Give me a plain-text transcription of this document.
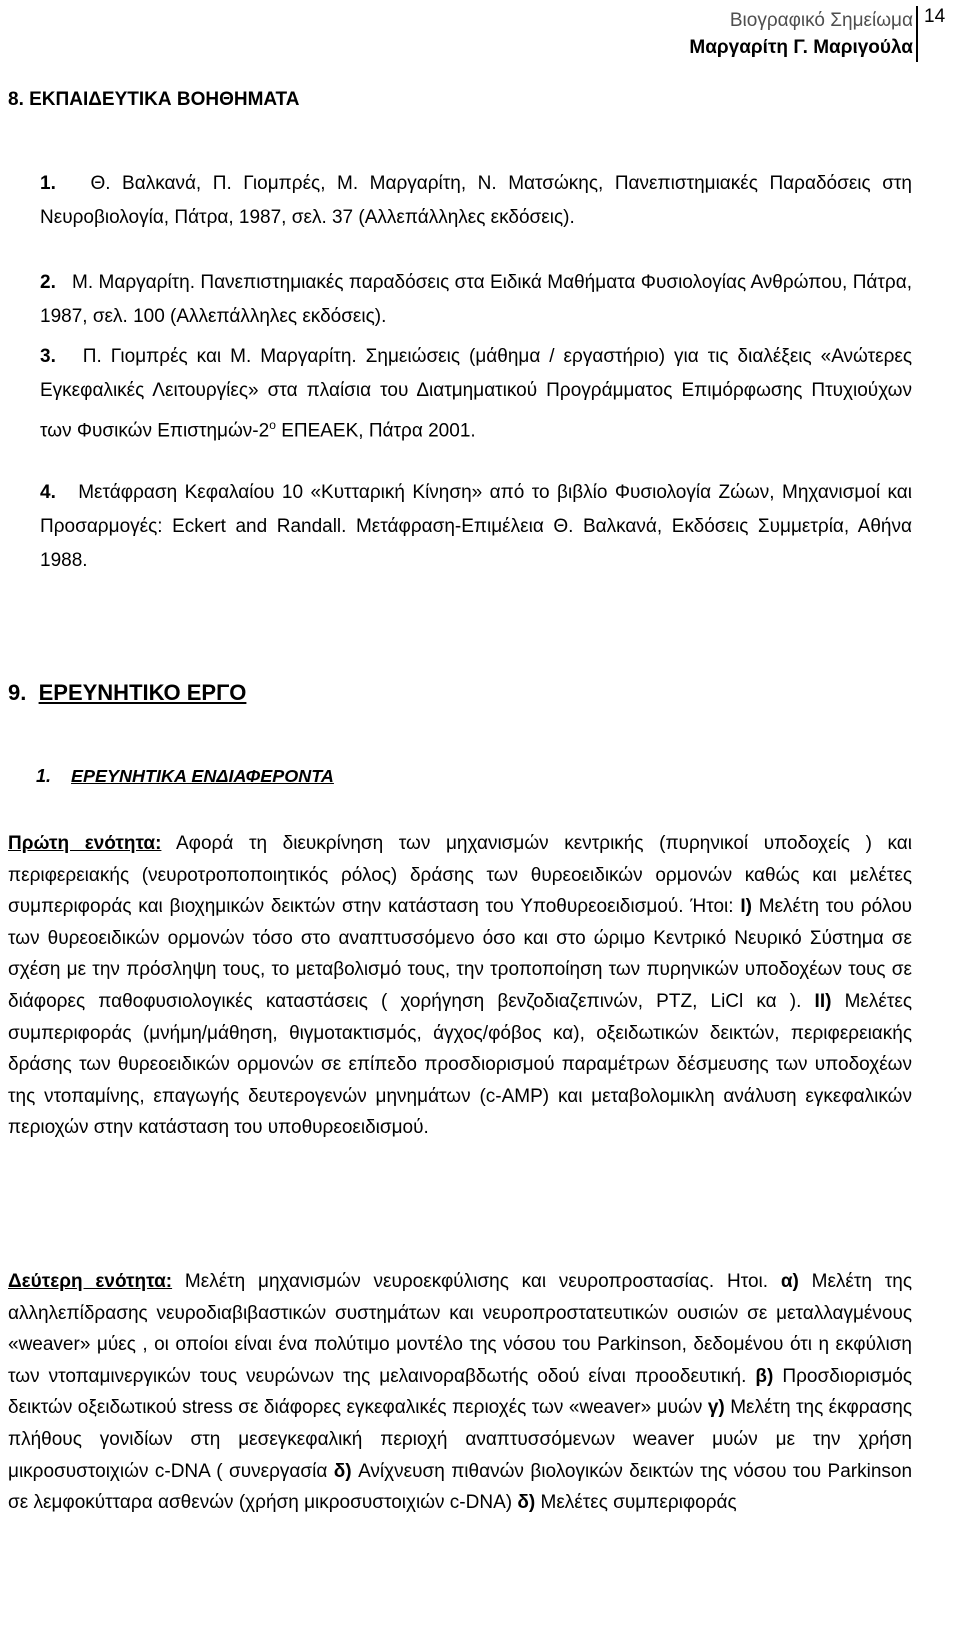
Βιογραφικό Σημείωμα
Μαργαρίτη Γ. Μαριγούλα
14
8. ΕΚΠΑΙΔΕΥΤΙΚΑ ΒΟΗΘΗΜΑΤΑ
1. Θ. Βαλκανά, Π. Γιομπρές, Μ. Μαργαρίτη, Ν. Ματσώκης, Πανεπιστημιακές Παραδόσεις στη Νευροβιολογία, Πάτρα, 1987, σελ. 37 (Αλλεπάλληλες εκδόσεις).
2. Μ. Μαργαρίτη. Πανεπιστημιακές παραδόσεις στα Ειδικά Μαθήματα Φυσιολογίας Ανθρώπου, Πάτρα, 1987, σελ. 100 (Αλλεπάλληλες εκδόσεις).
3. Π. Γιομπρές και Μ. Μαργαρίτη. Σημειώσεις (μάθημα / εργαστήριο) για τις διαλέξεις «Ανώτερες Εγκεφαλικές Λειτουργίες» στα πλαίσια του Διατμηματικού Προγράμματος Επιμόρφωσης Πτυχιούχων των Φυσικών Επιστημών-$2^o$ ΕΠΕΑΕΚ, Πάτρα 2001.
4. Μετάφραση Κεφαλαίου 10 «Κυτταρική Κίνηση» από το βιβλίο Φυσιολογία Ζώων, Μηχανισμοί και Προσαρμογές: Eckert and Randall. Μετάφραση-Επιμέλεια Θ. Βαλκανά, Εκδόσεις Συμμετρία, Αθήνα 1988.
9. ΕΡΕΥΝΗΤΙΚΟ ΕΡΓΟ
1. ΕΡΕΥΝΗΤΙΚΑ ΕΝΔΙΑΦΕΡΟΝΤΑ
Πρώτη ενότητα: Αφορά τη διευκρίνηση των μηχανισμών κεντρικής (πυρηνικοί υποδοχείς ) και περιφερειακής (νευροτροποποιητικός ρόλος) δράσης των θυρεοειδικών ορμονών καθώς και μελέτες συμπεριφοράς και βιοχημικών δεικτών στην κατάσταση του Υποθυρεοειδισμού. Ήτοι: I) Μελέτη του ρόλου των θυρεοειδικών ορμονών τόσο στο αναπτυσσόμενο όσο και στο ώριμο Κεντρικό Νευρικό Σύστημα σε σχέση με την πρόσληψη τους, το μεταβολισμό τους, την τροποποίηση των πυρηνικών υποδοχέων τους σε διάφορες παθοφυσιολογικές καταστάσεις ( χορήγηση βενζοδιαζεπινών, PTZ, LiCl κα ). II) Μελέτες συμπεριφοράς (μνήμη/μάθηση, θιγμοτακτισμός, άγχος/φόβος κα), οξειδωτικών δεικτών, περιφερειακής δράσης των θυρεοειδικών ορμονών σε επίπεδο προσδιορισμού παραμέτρων δέσμευσης των υποδοχέων της ντοπαμίνης, επαγωγής δευτερογενών μηνημάτων (c-AMP) και μεταβολομικλη ανάλυση εγκεφαλικών περιοχών στην κατάσταση του υποθυρεοειδισμού.
Δεύτερη ενότητα: Μελέτη μηχανισμών νευροεκφύλισης και νευροπροστασίας. Ητοι. α) Μελέτη της αλληλεπίδρασης νευροδιαβιβαστικών συστημάτων και νευροπροστατευτικών ουσιών σε μεταλλαγμένους «weaver» μύες , οι οποίοι είναι ένα πολύτιμο μοντέλο της νόσου του Parkinson, δεδομένου ότι η εκφύλιση των ντοπαμινεργικών τους νευρώνων της μελαινοραβδωτής οδού είναι προοδευτική. β) Προσδιορισμός δεικτών οξειδωτικού stress σε διάφορες εγκεφαλικές περιοχές των «weaver» μυών γ) Μελέτη της έκφρασης πλήθους γονιδίων στη μεσεγκεφαλική περιοχή αναπτυσσόμενων weaver μυών με την χρήση μικροσυστοιχιών c-DNA ( συνεργασία δ) Ανίχνευση πιθανών βιολογικών δεικτών της νόσου του Parkinson σε λεμφοκύτταρα ασθενών (χρήση μικροσυστοιχιών c-DNA) δ) Μελέτες συμπεριφοράς
